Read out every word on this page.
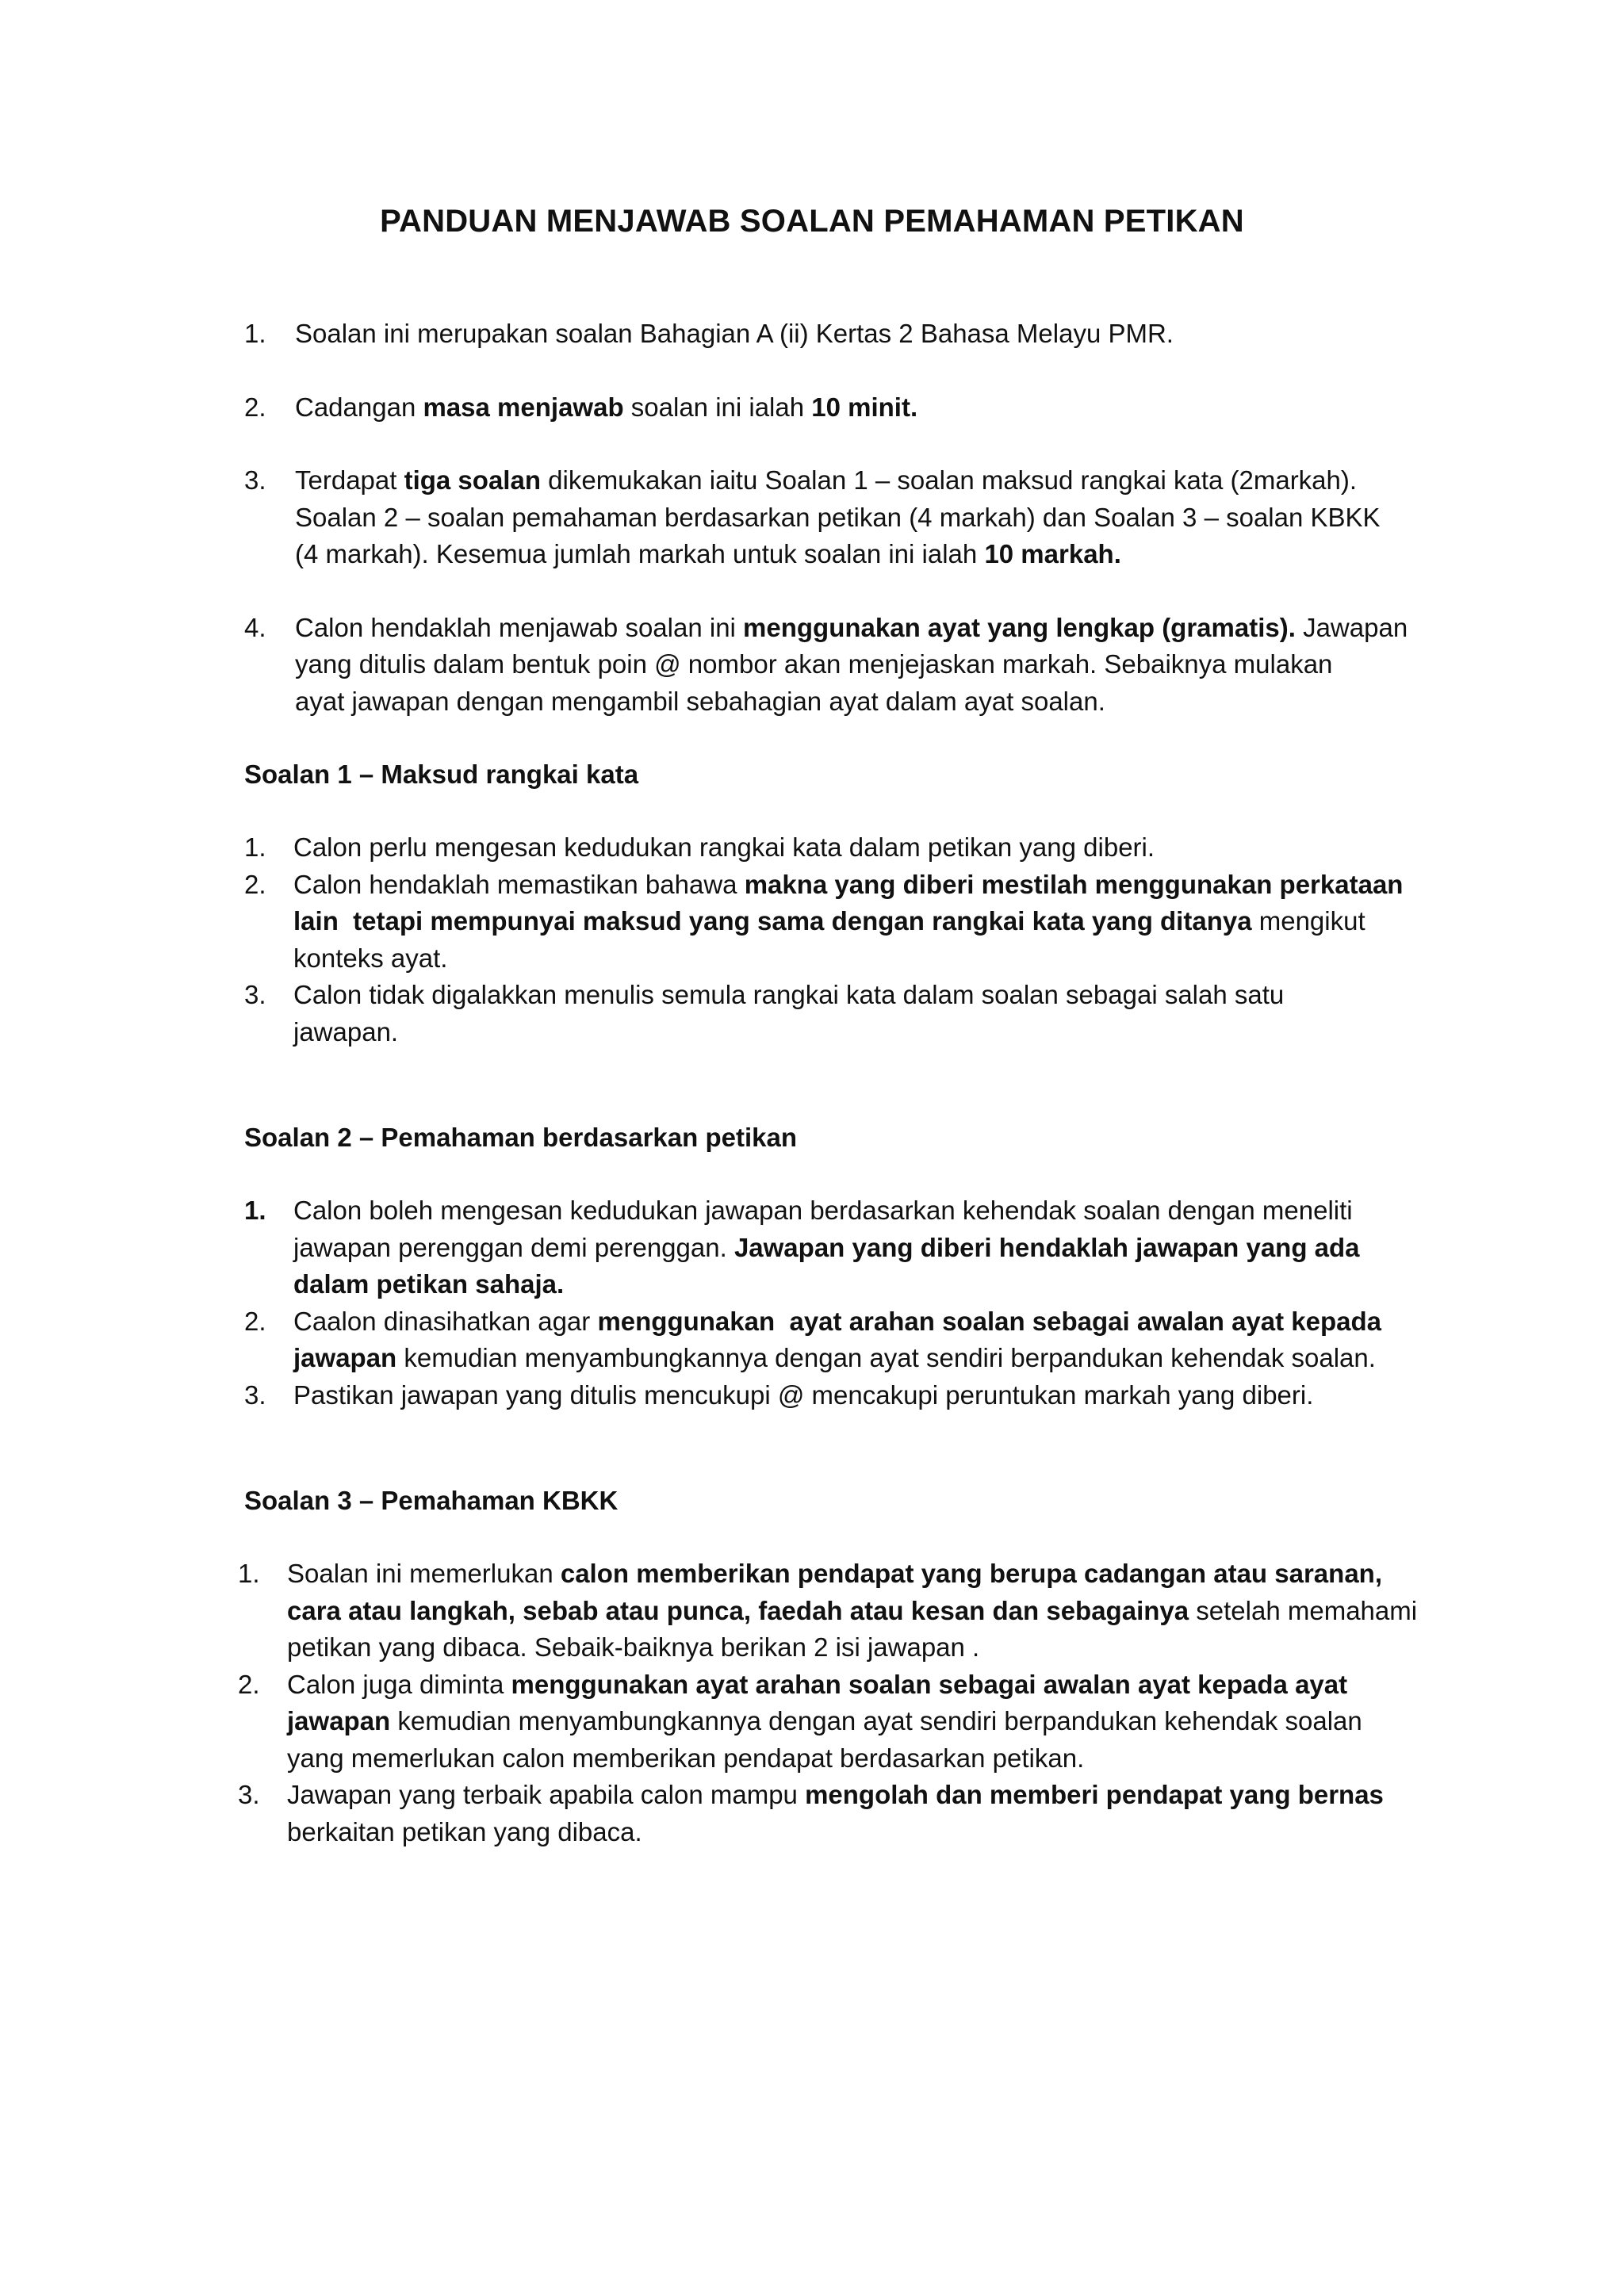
PANDUAN MENJAWAB SOALAN PEMAHAMAN PETIKAN
1. Soalan ini merupakan soalan Bahagian A (ii) Kertas 2 Bahasa Melayu PMR.
2. Cadangan masa menjawab soalan ini ialah 10 minit.
3. Terdapat tiga soalan dikemukakan iaitu Soalan 1 – soalan maksud rangkai kata (2markah).
Soalan 2 – soalan pemahaman berdasarkan petikan (4 markah) dan Soalan 3 – soalan KBKK
(4 markah). Kesemua jumlah markah untuk soalan ini ialah 10 markah.
4. Calon hendaklah menjawab soalan ini menggunakan ayat yang lengkap (gramatis). Jawapan
yang ditulis dalam bentuk poin @ nombor akan menjejaskan markah. Sebaiknya mulakan
ayat jawapan dengan mengambil sebahagian ayat dalam ayat soalan.
Soalan 1 – Maksud rangkai kata
1. Calon perlu mengesan kedudukan rangkai kata dalam petikan yang diberi.
2. Calon hendaklah memastikan bahawa makna yang diberi mestilah menggunakan perkataan
lain  tetapi mempunyai maksud yang sama dengan rangkai kata yang ditanya mengikut
konteks ayat.
3. Calon tidak digalakkan menulis semula rangkai kata dalam soalan sebagai salah satu
jawapan.
Soalan 2 – Pemahaman berdasarkan petikan
1. Calon boleh mengesan kedudukan jawapan berdasarkan kehendak soalan dengan meneliti
jawapan perenggan demi perenggan. Jawapan yang diberi hendaklah jawapan yang ada
dalam petikan sahaja.
2. Caalon dinasihatkan agar menggunakan  ayat arahan soalan sebagai awalan ayat kepada
jawapan kemudian menyambungkannya dengan ayat sendiri berpandukan kehendak soalan.
3. Pastikan jawapan yang ditulis mencukupi @ mencakupi peruntukan markah yang diberi.
Soalan 3 – Pemahaman KBKK
1. Soalan ini memerlukan calon memberikan pendapat yang berupa cadangan atau saranan,
cara atau langkah, sebab atau punca, faedah atau kesan dan sebagainya setelah memahami
petikan yang dibaca. Sebaik-baiknya berikan 2 isi jawapan .
2. Calon juga diminta menggunakan ayat arahan soalan sebagai awalan ayat kepada ayat
jawapan kemudian menyambungkannya dengan ayat sendiri berpandukan kehendak soalan
yang memerlukan calon memberikan pendapat berdasarkan petikan.
3. Jawapan yang terbaik apabila calon mampu mengolah dan memberi pendapat yang bernas
berkaitan petikan yang dibaca.
